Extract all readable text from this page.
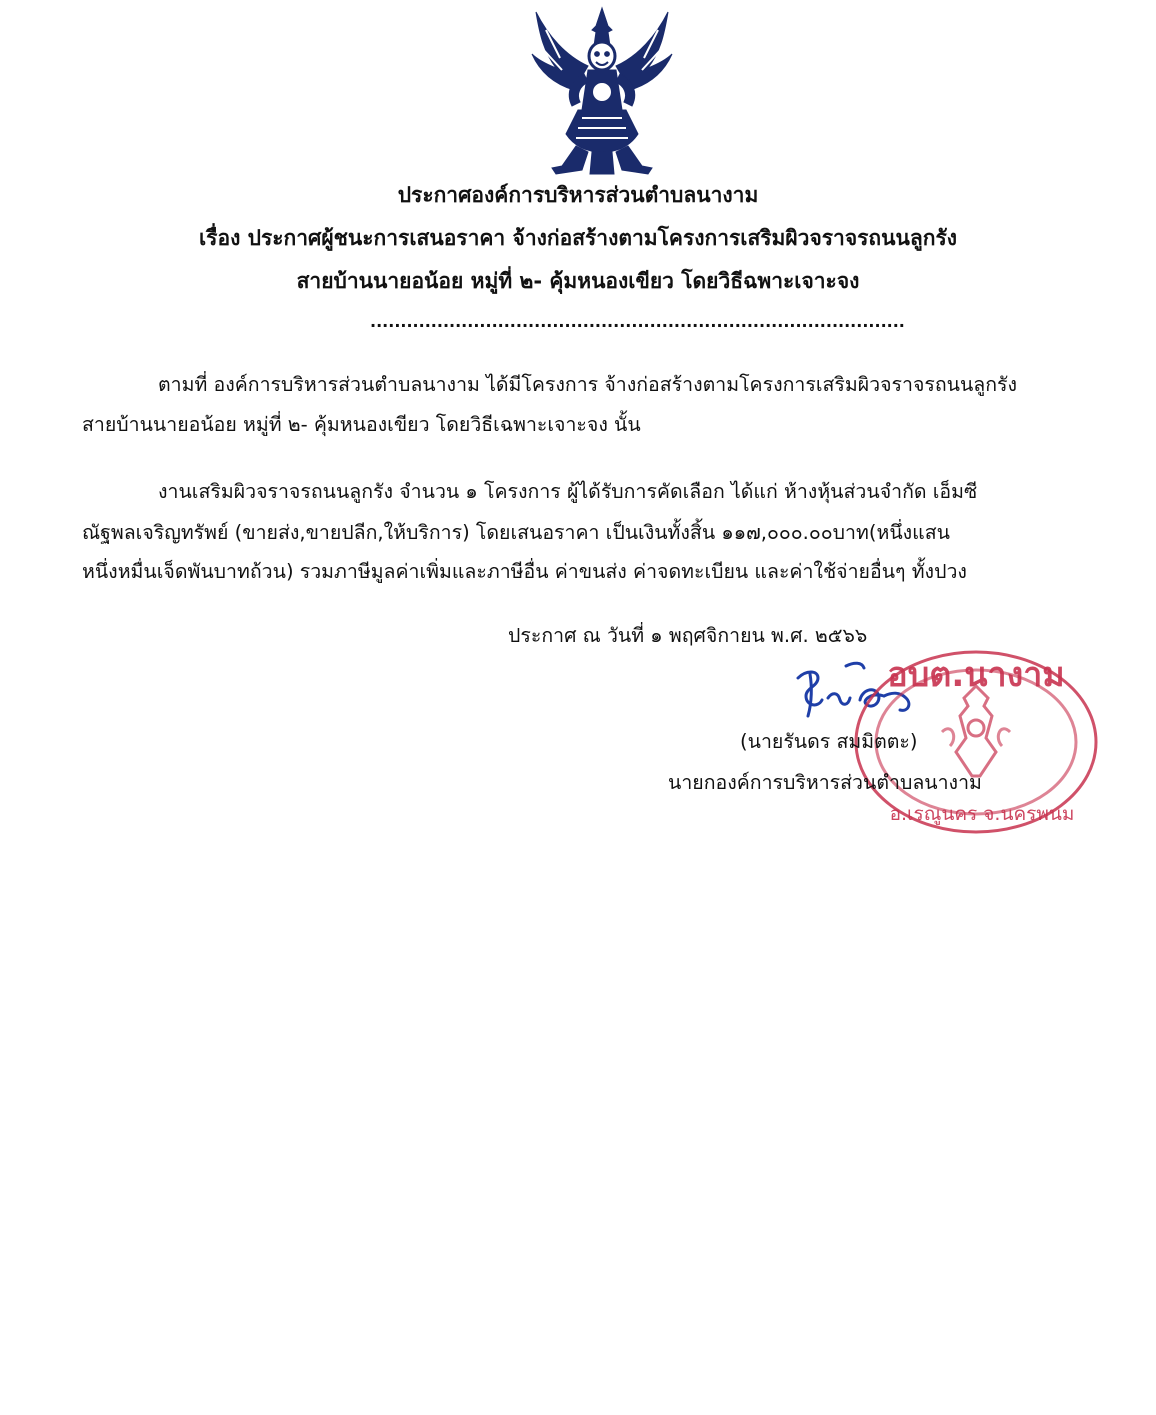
ประกาศองค์การบริหารส่วนตำบลนางาม
เรื่อง ประกาศผู้ชนะการเสนอราคา จ้างก่อสร้างตามโครงการเสริมผิวจราจรถนนลูกรัง
สายบ้านนายอน้อย หมู่ที่ ๒- คุ้มหนองเขียว โดยวิธีฉพาะเจาะจง
........................................................................................
ตามที่ องค์การบริหารส่วนตำบลนางาม ได้มีโครงการ จ้างก่อสร้างตามโครงการเสริมผิวจราจรถนนลูกรัง
สายบ้านนายอน้อย หมู่ที่ ๒- คุ้มหนองเขียว โดยวิธีเฉพาะเจาะจง นั้น
งานเสริมผิวจราจรถนนลูกรัง จำนวน ๑ โครงการ ผู้ได้รับการคัดเลือก ได้แก่ ห้างหุ้นส่วนจำกัด เอ็มซี
ณัฐพลเจริญทรัพย์ (ขายส่ง,ขายปลีก,ให้บริการ) โดยเสนอราคา เป็นเงินทั้งสิ้น ๑๑๗,๐๐๐.๐๐บาท(หนึ่งแสน
หนึ่งหมื่นเจ็ดพันบาทถ้วน) รวมภาษีมูลค่าเพิ่มและภาษีอื่น ค่าขนส่ง ค่าจดทะเบียน และค่าใช้จ่ายอื่นๆ ทั้งปวง
ประกาศ ณ วันที่ ๑ พฤศจิกายน พ.ศ. ๒๕๖๖
อบต.นางาม
อ.เรณูนคร จ.นครพนม
(นายรันดร สมมิตตะ)
นายกองค์การบริหารส่วนตำบลนางาม
